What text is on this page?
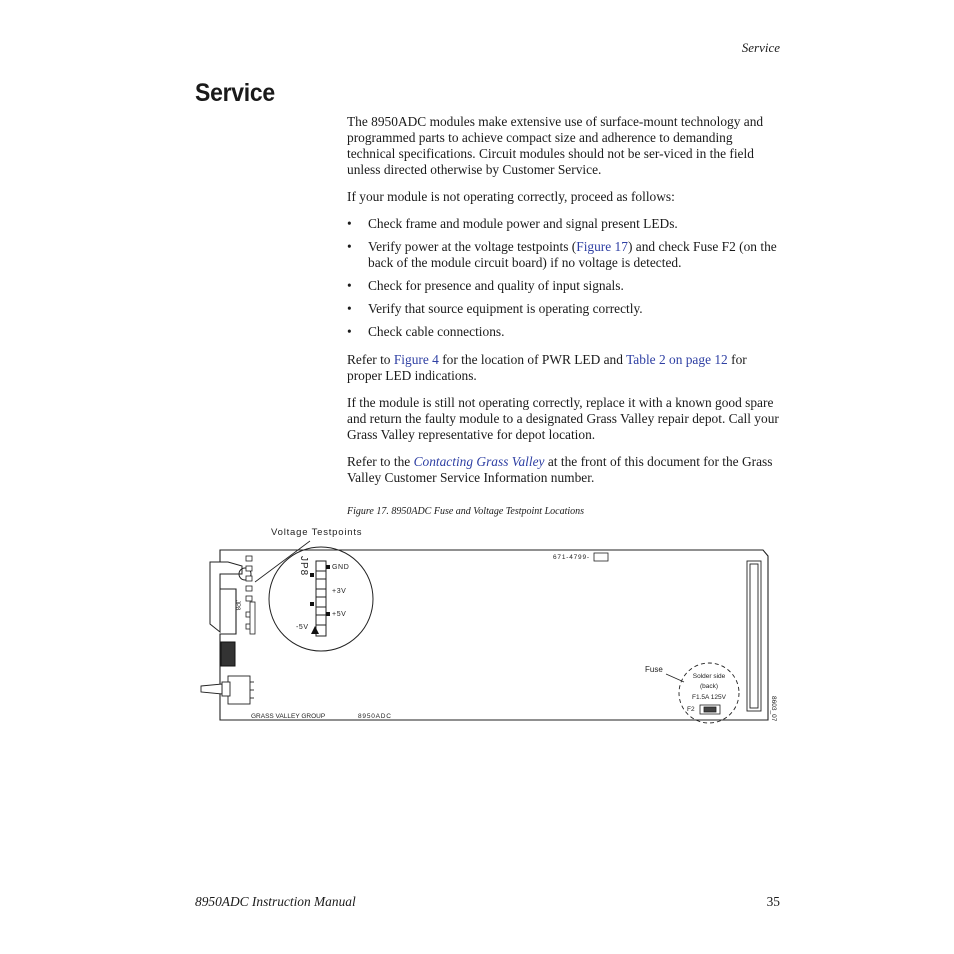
Service
Service

The 8950ADC modules make extensive use of surface-mount technology and programmed parts to achieve compact size and adherence to demanding technical specifications. Circuit modules should not be ser-viced in the field unless directed otherwise by Customer Service.

If your module is not operating correctly, proceed as follows:

• Check frame and module power and signal present LEDs.
• Verify power at the voltage testpoints (Figure 17) and check Fuse F2 (on the back of the module circuit board) if no voltage is detected.
• Check for presence and quality of input signals.
• Verify that source equipment is operating correctly.
• Check cable connections.

Refer to Figure 4 for the location of PWR LED and Table 2 on page 12 for proper LED indications.

If the module is still not operating correctly, replace it with a known good spare and return the faulty module to a designated Grass Valley repair depot. Call your Grass Valley representative for depot location.

Refer to the Contacting Grass Valley at the front of this document for the Grass Valley Customer Service Information number.

Figure 17. 8950ADC Fuse and Voltage Testpoint Locations
JP8
Voltage Testpoints
JP8	GND
+3V
+5V
-5V
671-4799-
8603_07
Fuse
Solder side
(back)
F1.5A 125V
F2
GRASS VALLEY GROUP	8950ADC
8950ADC Instruction Manual	35
